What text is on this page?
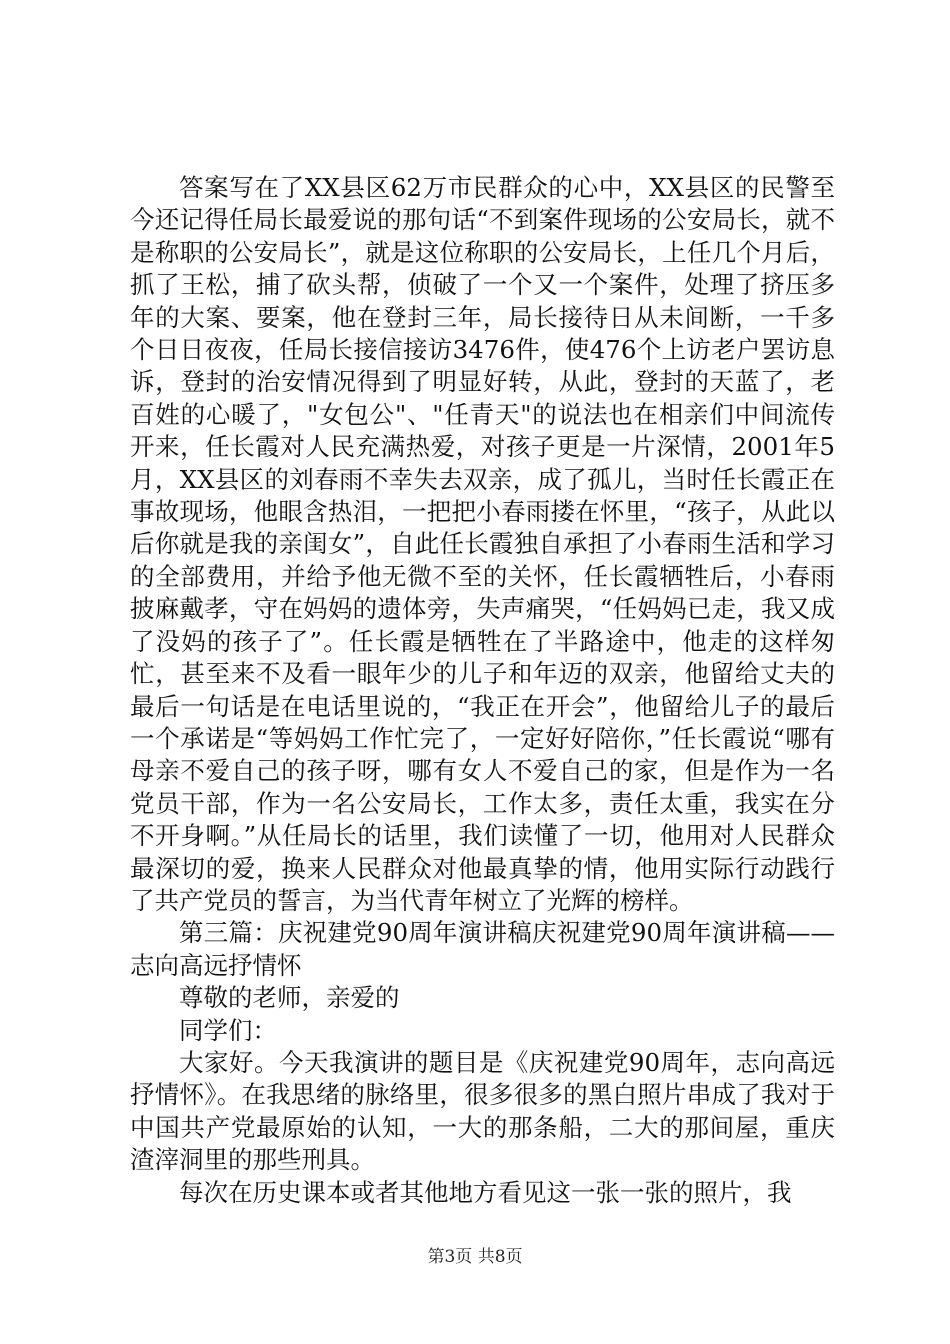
答案写在了XX县区62万市民群众的心中，XX县区的民警至今还记得任局长最爱说的那句话“不到案件现场的公安局长，就不是称职的公安局长”，就是这位称职的公安局长，上任几个月后，抓了王松，捕了砍头帮，侦破了一个又一个案件，处理了挤压多年的大案、要案，他在登封三年，局长接待日从未间断，一千多个日日夜夜，任局长接信接访3476件，使476个上访老户罢访息诉，登封的治安情况得到了明显好转，从此，登封的天蓝了，老百姓的心暖了，"女包公"、"任青天"的说法也在相亲们中间流传开来，任长霞对人民充满热爱，对孩子更是一片深情，2001年5月，XX县区的刘春雨不幸失去双亲，成了孤儿，当时任长霞正在事故现场，他眼含热泪，一把把小春雨搂在怀里，“孩子，从此以后你就是我的亲闺女”，自此任长霞独自承担了小春雨生活和学习的全部费用，并给予他无微不至的关怀，任长霞牺牲后，小春雨披麻戴孝，守在妈妈的遗体旁，失声痛哭，“任妈妈已走，我又成了没妈的孩子了”。任长霞是牺牲在了半路途中，他走的这样匆忙，甚至来不及看一眼年少的儿子和年迈的双亲，他留给丈夫的最后一句话是在电话里说的，“我正在开会”，他留给儿子的最后一个承诺是“等妈妈工作忙完了，一定好好陪你，”任长霞说“哪有母亲不爱自己的孩子呀，哪有女人不爱自己的家，但是作为一名党员干部，作为一名公安局长，工作太多，责任太重，我实在分不开身啊。”从任局长的话里，我们读懂了一切，他用对人民群众最深切的爱，换来人民群众对他最真挚的情，他用实际行动践行了共产党员的誓言，为当代青年树立了光辉的榜样。

第三篇：庆祝建党90周年演讲稿庆祝建党90周年演讲稿——志向高远抒情怀

尊敬的老师，亲爱的

同学们：

大家好。今天我演讲的题目是《庆祝建党90周年，志向高远抒情怀》。在我思绪的脉络里，很多很多的黑白照片串成了我对于中国共产党最原始的认知，一大的那条船，二大的那间屋，重庆渣滓洞里的那些刑具。

每次在历史课本或者其他地方看见这一张一张的照片，我

第3页 共8页
